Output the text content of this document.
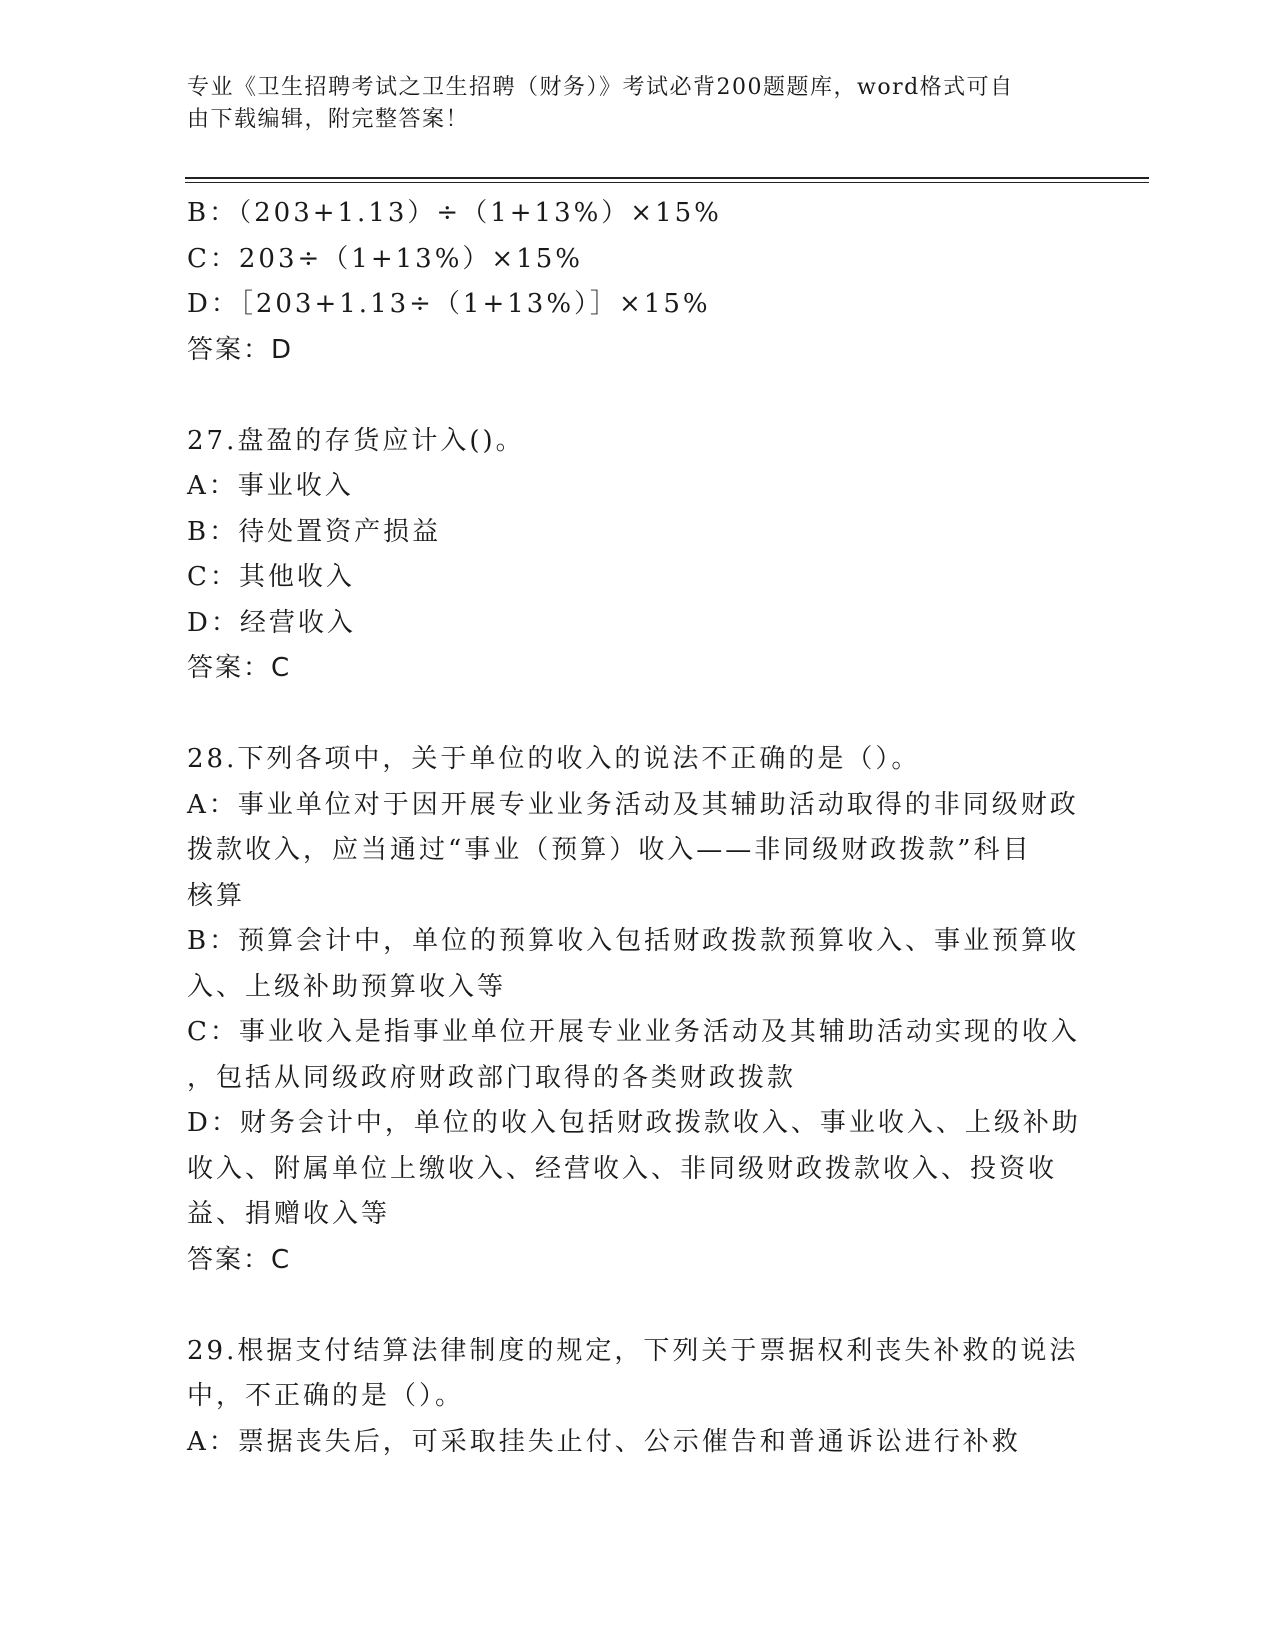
专业《卫生招聘考试之卫生招聘（财务）》考试必背200题题库，word格式可自
由下载编辑，附完整答案！
B：（203+1.13）÷（1+13%）×15%
C：203÷（1+13%）×15%
D：［203+1.13÷（1+13%）］×15%
答案：D
27.盘盈的存货应计入()。
A：事业收入
B：待处置资产损益
C：其他收入
D：经营收入
答案：C
28.下列各项中，关于单位的收入的说法不正确的是（）。
A：事业单位对于因开展专业业务活动及其辅助活动取得的非同级财政
拨款收入，应当通过“事业（预算）收入——非同级财政拨款”科目
核算
B：预算会计中，单位的预算收入包括财政拨款预算收入、事业预算收
入、上级补助预算收入等
C：事业收入是指事业单位开展专业业务活动及其辅助活动实现的收入
，包括从同级政府财政部门取得的各类财政拨款
D：财务会计中，单位的收入包括财政拨款收入、事业收入、上级补助
收入、附属单位上缴收入、经营收入、非同级财政拨款收入、投资收
益、捐赠收入等
答案：C
29.根据支付结算法律制度的规定，下列关于票据权利丧失补救的说法
中，不正确的是（）。
A：票据丧失后，可采取挂失止付、公示催告和普通诉讼进行补救
